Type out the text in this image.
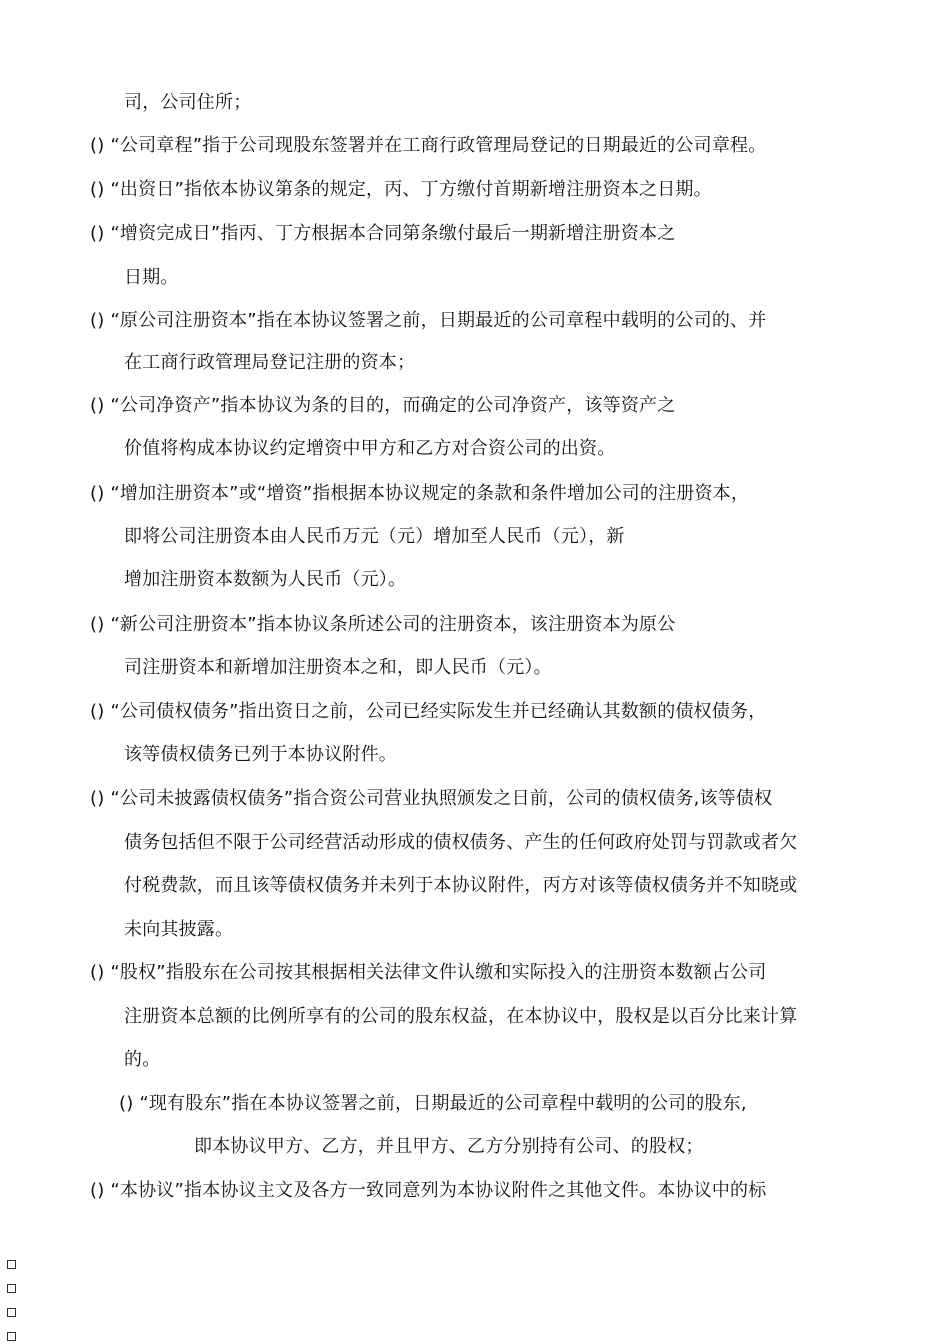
司，公司住所；
() “公司章程”指于公司现股东签署并在工商行政管理局登记的日期最近的公司章程。
() “出资日”指依本协议第条的规定，丙、丁方缴付首期新增注册资本之日期。
() “增资完成日”指丙、丁方根据本合同第条缴付最后一期新增注册资本之
日期。
() “原公司注册资本”指在本协议签署之前，日期最近的公司章程中载明的公司的、并
在工商行政管理局登记注册的资本；
() “公司净资产”指本协议为条的目的，而确定的公司净资产，该等资产之
价值将构成本协议约定增资中甲方和乙方对合资公司的出资。
() “增加注册资本”或“增资”指根据本协议规定的条款和条件增加公司的注册资本，
即将公司注册资本由人民币万元（元）增加至人民币（元），新
增加注册资本数额为人民币（元）。
() “新公司注册资本”指本协议条所述公司的注册资本，该注册资本为原公
司注册资本和新增加注册资本之和，即人民币（元）。
() “公司债权债务”指出资日之前，公司已经实际发生并已经确认其数额的债权债务，
该等债权债务已列于本协议附件。
() “公司未披露债权债务”指合资公司营业执照颁发之日前，公司的债权债务,该等债权
债务包括但不限于公司经营活动形成的债权债务、产生的任何政府处罚与罚款或者欠
付税费款，而且该等债权债务并未列于本协议附件，丙方对该等债权债务并不知晓或
未向其披露。
() “股权”指股东在公司按其根据相关法律文件认缴和实际投入的注册资本数额占公司
注册资本总额的比例所享有的公司的股东权益，在本协议中，股权是以百分比来计算
的。
() “现有股东”指在本协议签署之前，日期最近的公司章程中载明的公司的股东,
即本协议甲方、乙方，并且甲方、乙方分别持有公司、的股权；
() “本协议”指本协议主文及各方一致同意列为本协议附件之其他文件。本协议中的标
